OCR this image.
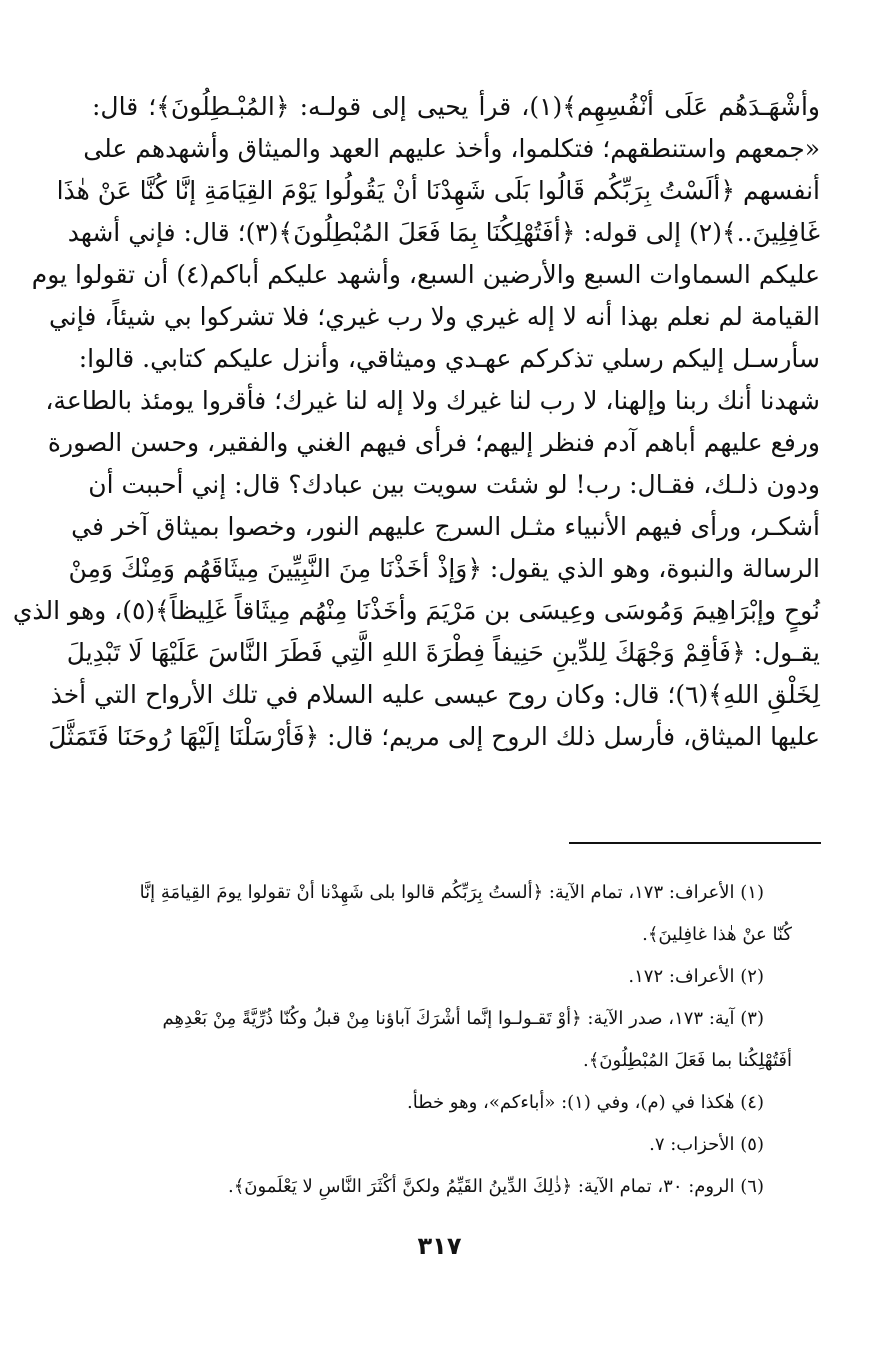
وأشْهَـدَهُم عَلَى أنْفُسِهِم﴾(١)، قرأ يحيى إلى قولـه: ﴿المُبْـطِلُونَ﴾؛ قال:
«جمعهم واستنطقهم؛ فتكلموا، وأخذ عليهم العهد والميثاق وأشهدهم على
أنفسهم ﴿ألَسْتُ بِرَبِّكُم قَالُوا بَلَى شَهِدْنَا أنْ يَقُولُوا يَوْمَ القِيَامَةِ إنَّا كُنَّا عَنْ هٰذَا
غَافِلِينَ..﴾(٢) إلى قوله: ﴿أفَتُهْلِكُنَا بِمَا فَعَلَ المُبْطِلُونَ﴾(٣)؛ قال: فإني أشهد
عليكم السماوات السبع والأرضين السبع، وأشهد عليكم أباكم(٤) أن تقولوا يوم
القيامة لم نعلم بهذا أنه لا إله غيري ولا رب غيري؛ فلا تشركوا بي شيئاً، فإني
سأرسـل إليكم رسلي تذكركم عهـدي وميثاقي، وأنزل عليكم كتابي. قالوا:
شهدنا أنك ربنا وإلهنا، لا رب لنا غيرك ولا إله لنا غيرك؛ فأقروا يومئذ بالطاعة،
ورفع عليهم أباهم آدم فنظر إليهم؛ فرأى فيهم الغني والفقير، وحسن الصورة
ودون ذلـك، فقـال: رب! لو شئت سويت بين عبادك؟ قال: إني أحببت أن
أشكـر، ورأى فيهم الأنبياء مثـل السرج عليهم النور، وخصوا بميثاق آخر في
الرسالة والنبوة، وهو الذي يقول: ﴿وَإذْ أخَذْنَا مِنَ النَّبِيِّينَ مِيثَاقَهُم وَمِنْكَ وَمِنْ
نُوحٍ وإبْرَاهِيمَ وَمُوسَى وعِيسَى بن مَرْيَمَ وأخَذْنَا مِنْهُم مِيثَاقاً غَلِيظاً﴾(٥)، وهو الذي
يقـول: ﴿فَأقِمْ وَجْهَكَ لِلدِّينِ حَنِيفاً فِطْرَةَ اللهِ الَّتِي فَطَرَ النَّاسَ عَلَيْهَا لَا تَبْدِيلَ
لِخَلْقِ اللهِ﴾(٦)؛ قال: وكان روح عيسى عليه السلام في تلك الأرواح التي أخذ
عليها الميثاق، فأرسل ذلك الروح إلى مريم؛ قال: ﴿فَأرْسَلْنَا إلَيْهَا رُوحَنَا فَتَمَثَّلَ
(١) الأعراف: ١٧٣، تمام الآية: ﴿ألستُ بِرَبِّكُم قالوا بلى شَهِدْنا أنْ تقولوا يومَ القِيامَةِ إنَّا
كُنّا عنْ هٰذا غافِلينَ﴾.
(٢) الأعراف: ١٧٢.
(٣) آية: ١٧٣، صدر الآية: ﴿أوْ تَقـولـوا إنَّما أشْرَكَ آباؤنا مِنْ قبلُ وكُنّا ذُرِّيَّةً مِنْ بَعْدِهِم
أفَتُهْلِكُنا بما فَعَلَ المُبْطِلُونَ﴾.
(٤) هٰكذا في (م)، وفي (١): «أباءكم»، وهو خطأ.
(٥) الأحزاب: ٧.
(٦) الروم: ٣٠، تمام الآية: ﴿ذٰلِكَ الدِّينُ القَيِّمُ ولكنَّ أكْثَرَ النَّاسِ لا يَعْلَمونَ﴾.
٣١٧
